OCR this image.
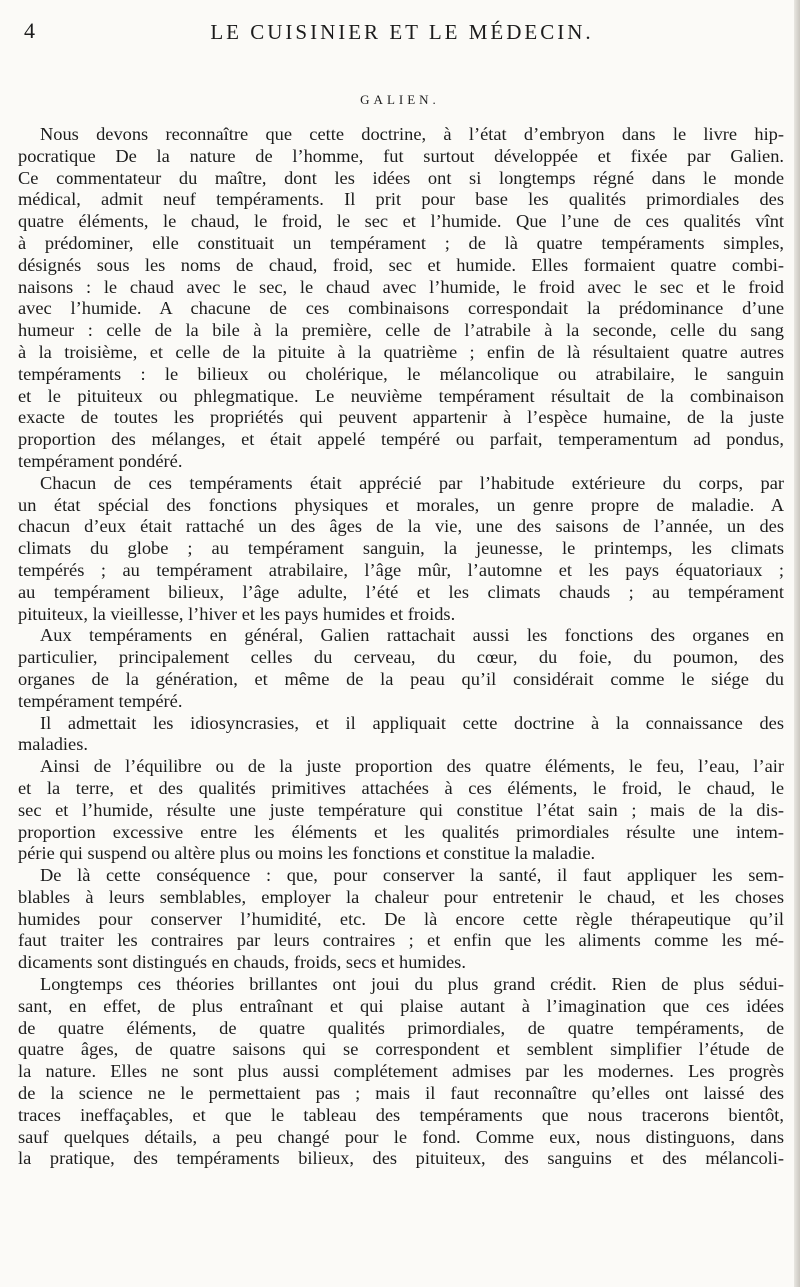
4	LE CUISINIER ET LE MÉDECIN.
GALIEN.
Nous devons reconnaître que cette doctrine, à l’état d’embryon dans le livre hip-
pocratique De la nature de l’homme, fut surtout développée et fixée par Galien.
Ce commentateur du maître, dont les idées ont si longtemps régné dans le monde
médical, admit neuf tempéraments. Il prit pour base les qualités primordiales des
quatre éléments, le chaud, le froid, le sec et l’humide. Que l’une de ces qualités vînt
à prédominer, elle constituait un tempérament ; de là quatre tempéraments simples,
désignés sous les noms de chaud, froid, sec et humide. Elles formaient quatre combi-
naisons : le chaud avec le sec, le chaud avec l’humide, le froid avec le sec et le froid
avec l’humide. A chacune de ces combinaisons correspondait la prédominance d’une
humeur : celle de la bile à la première, celle de l’atrabile à la seconde, celle du sang
à la troisième, et celle de la pituite à la quatrième ; enfin de là résultaient quatre autres
tempéraments : le bilieux ou cholérique, le mélancolique ou atrabilaire, le sanguin
et le pituiteux ou phlegmatique. Le neuvième tempérament résultait de la combinaison
exacte de toutes les propriétés qui peuvent appartenir à l’espèce humaine, de la juste
proportion des mélanges, et était appelé tempéré ou parfait, temperamentum ad pondus,
tempérament pondéré.
Chacun de ces tempéraments était apprécié par l’habitude extérieure du corps, par
un état spécial des fonctions physiques et morales, un genre propre de maladie. A
chacun d’eux était rattaché un des âges de la vie, une des saisons de l’année, un des
climats du globe ; au tempérament sanguin, la jeunesse, le printemps, les climats
tempérés ; au tempérament atrabilaire, l’âge mûr, l’automne et les pays équatoriaux ;
au tempérament bilieux, l’âge adulte, l’été et les climats chauds ; au tempérament
pituiteux, la vieillesse, l’hiver et les pays humides et froids.
Aux tempéraments en général, Galien rattachait aussi les fonctions des organes en
particulier, principalement celles du cerveau, du cœur, du foie, du poumon, des
organes de la génération, et même de la peau qu’il considérait comme le siége du
tempérament tempéré.
Il admettait les idiosyncrasies, et il appliquait cette doctrine à la connaissance des
maladies.
Ainsi de l’équilibre ou de la juste proportion des quatre éléments, le feu, l’eau, l’air
et la terre, et des qualités primitives attachées à ces éléments, le froid, le chaud, le
sec et l’humide, résulte une juste température qui constitue l’état sain ; mais de la dis-
proportion excessive entre les éléments et les qualités primordiales résulte une intem-
périe qui suspend ou altère plus ou moins les fonctions et constitue la maladie.
De là cette conséquence : que, pour conserver la santé, il faut appliquer les sem-
blables à leurs semblables, employer la chaleur pour entretenir le chaud, et les choses
humides pour conserver l’humidité, etc. De là encore cette règle thérapeutique qu’il
faut traiter les contraires par leurs contraires ; et enfin que les aliments comme les mé-
dicaments sont distingués en chauds, froids, secs et humides.
Longtemps ces théories brillantes ont joui du plus grand crédit. Rien de plus sédui-
sant, en effet, de plus entraînant et qui plaise autant à l’imagination que ces idées
de quatre éléments, de quatre qualités primordiales, de quatre tempéraments, de
quatre âges, de quatre saisons qui se correspondent et semblent simplifier l’étude de
la nature. Elles ne sont plus aussi complétement admises par les modernes. Les progrès
de la science ne le permettaient pas ; mais il faut reconnaître qu’elles ont laissé des
traces ineffaçables, et que le tableau des tempéraments que nous tracerons bientôt,
sauf quelques détails, a peu changé pour le fond. Comme eux, nous distinguons, dans
la pratique, des tempéraments bilieux, des pituiteux, des sanguins et des mélancoli-
